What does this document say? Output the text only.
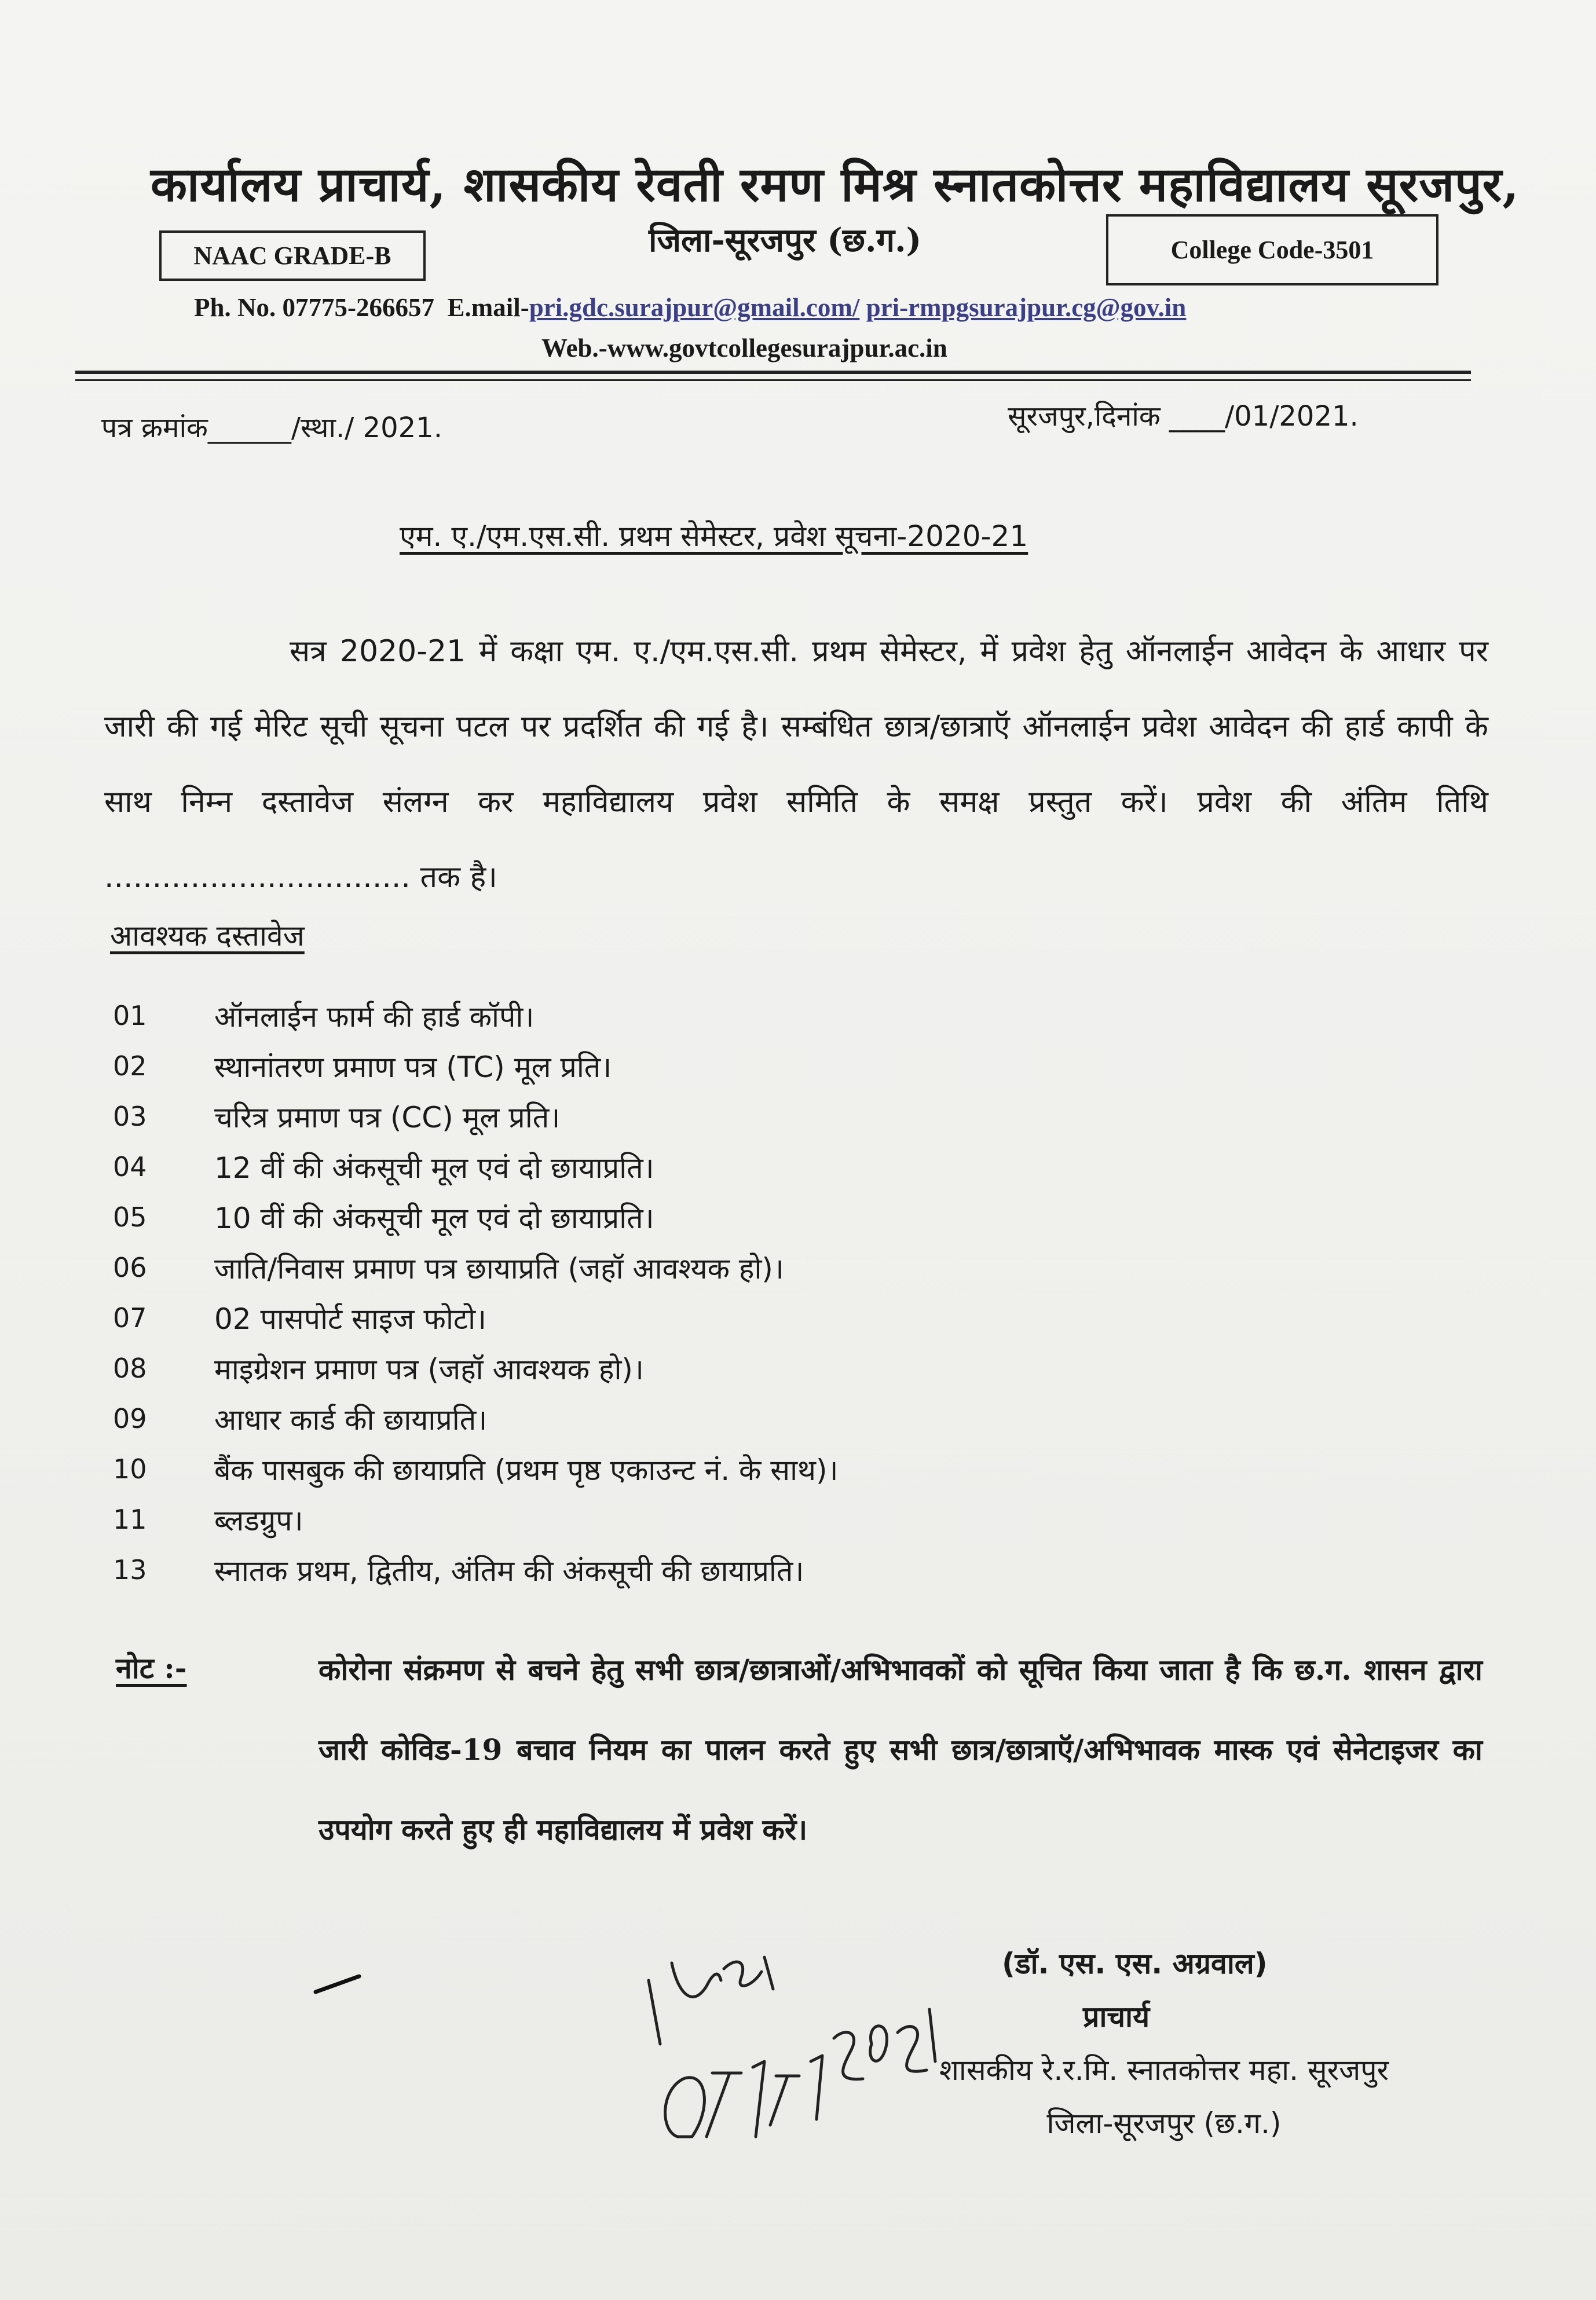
कार्यालय प्राचार्य, शासकीय रेवती रमण मिश्र स्नातकोत्तर महाविद्यालय सूरजपुर,
जिला-सूरजपुर (छ.ग.)
NAAC GRADE-B	College Code-3501
Ph. No. 07775-266657 E.mail-pri.gdc.surajpur@gmail.com/ pri-rmpgsurajpur.cg@gov.in
Web.-www.govtcollegesurajpur.ac.in
पत्र क्रमांक______/स्था./ 2021.	सूरजपुर,दिनांक ____/01/2021.
एम. ए./एम.एस.सी. प्रथम सेमेस्टर, प्रवेश सूचना-2020-21
सत्र 2020-21 में कक्षा एम. ए./एम.एस.सी. प्रथम सेमेस्टर, में प्रवेश हेतु ऑनलाईन आवेदन के आधार पर जारी की गई मेरिट सूची सूचना पटल पर प्रदर्शित की गई है। सम्बंधित छात्र/छात्राऍ ऑनलाईन प्रवेश आवेदन की हार्ड कापी के साथ निम्न दस्तावेज संलग्न कर महाविद्यालय प्रवेश समिति के समक्ष प्रस्तुत करें। प्रवेश की अंतिम तिथि ................................ तक है।
आवश्यक दस्तावेज
01	ऑनलाईन फार्म की हार्ड कॉपी।
02	स्थानांतरण प्रमाण पत्र (TC) मूल प्रति।
03	चरित्र प्रमाण पत्र (CC) मूल प्रति।
04	12 वीं की अंकसूची मूल एवं दो छायाप्रति।
05	10 वीं की अंकसूची मूल एवं दो छायाप्रति।
06	जाति/निवास प्रमाण पत्र छायाप्रति (जहॉ आवश्यक हो)।
07	02 पासपोर्ट साइज फोटो।
08	माइग्रेशन प्रमाण पत्र (जहॉ आवश्यक हो)।
09	आधार कार्ड की छायाप्रति।
10	बैंक पासबुक की छायाप्रति (प्रथम पृष्ठ एकाउन्ट नं. के साथ)।
11	ब्लडग्रुप।
13	स्नातक प्रथम, द्वितीय, अंतिम की अंकसूची की छायाप्रति।
नोट :-	कोरोना संक्रमण से बचने हेतु सभी छात्र/छात्राओं/अभिभावकों को सूचित किया जाता है कि छ.ग. शासन द्वारा जारी कोविड-19 बचाव नियम का पालन करते हुए सभी छात्र/छात्राऍ/अभिभावक मास्क एवं सेनेटाइजर का उपयोग करते हुए ही महाविद्यालय में प्रवेश करें।
(डॉ. एस. एस. अग्रवाल)
प्राचार्य
शासकीय रे.र.मि. स्नातकोत्तर महा. सूरजपुर
जिला-सूरजपुर (छ.ग.)
